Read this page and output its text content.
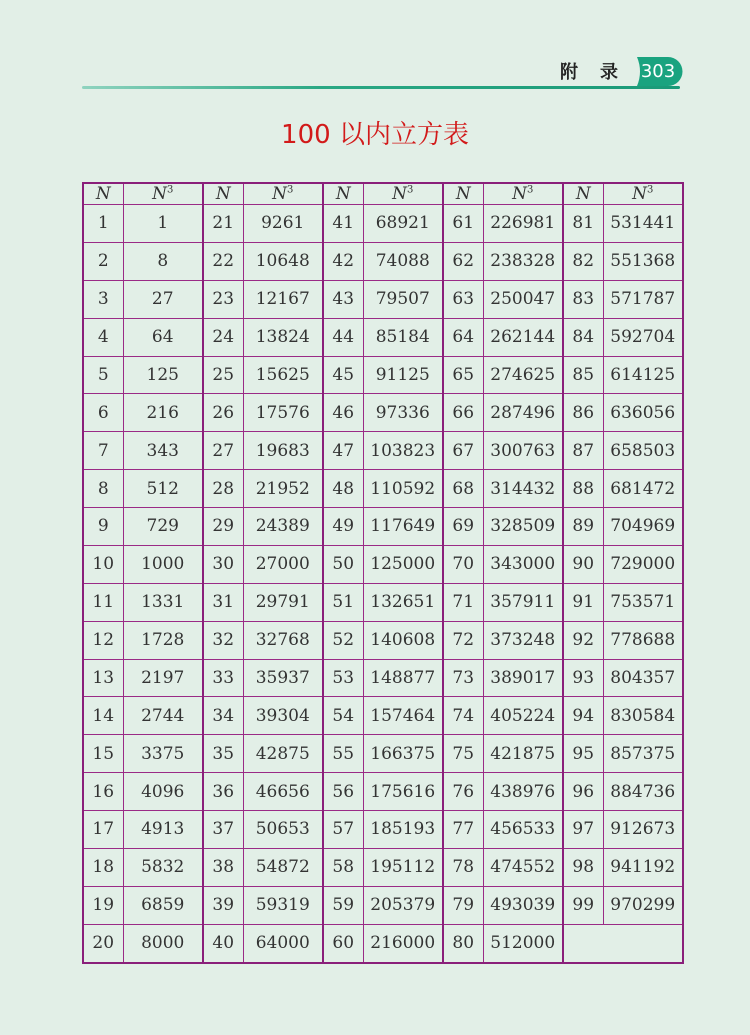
附 录	303
100 以内立方表
N	$N^3$	N	$N^3$	N	$N^3$	N	$N^3$	N	$N^3$
1	1	21	9261	41	68921	61	226981	81	531441
2	8	22	10648	42	74088	62	238328	82	551368
3	27	23	12167	43	79507	63	250047	83	571787
4	64	24	13824	44	85184	64	262144	84	592704
5	125	25	15625	45	91125	65	274625	85	614125
6	216	26	17576	46	97336	66	287496	86	636056
7	343	27	19683	47	103823	67	300763	87	658503
8	512	28	21952	48	110592	68	314432	88	681472
9	729	29	24389	49	117649	69	328509	89	704969
10	1000	30	27000	50	125000	70	343000	90	729000
11	1331	31	29791	51	132651	71	357911	91	753571
12	1728	32	32768	52	140608	72	373248	92	778688
13	2197	33	35937	53	148877	73	389017	93	804357
14	2744	34	39304	54	157464	74	405224	94	830584
15	3375	35	42875	55	166375	75	421875	95	857375
16	4096	36	46656	56	175616	76	438976	96	884736
17	4913	37	50653	57	185193	77	456533	97	912673
18	5832	38	54872	58	195112	78	474552	98	941192
19	6859	39	59319	59	205379	79	493039	99	970299
20	8000	40	64000	60	216000	80	512000		
